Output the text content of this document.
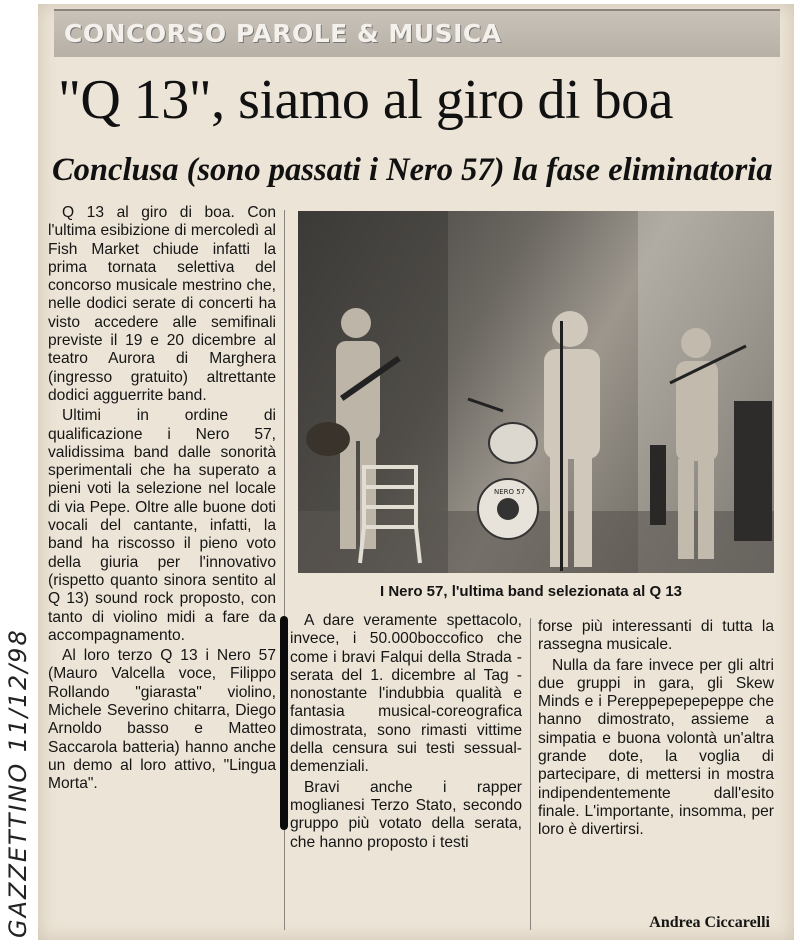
GAZZETTINO 11/12/98
CONCORSO PAROLE & MUSICA
"Q 13", siamo al giro di boa
Conclusa (sono passati i Nero 57) la fase eliminatoria

Q 13 al giro di boa. Con l'ultima esibizione di mercoledì al Fish Market chiude infatti la prima tornata selettiva del concorso musicale mestrino che, nelle dodici serate di concerti ha visto accedere alle semifinali previste il 19 e 20 dicembre al teatro Aurora di Marghera (ingresso gratuito) altrettante dodici agguerrite band.

Ultimi in ordine di qualificazione i Nero 57, validissima band dalle sonorità sperimentali che ha superato a pieni voti la selezione nel locale di via Pepe. Oltre alle buone doti vocali del cantante, infatti, la band ha riscosso il pieno voto della giuria per l'innovativo (rispetto quanto sinora sentito al Q 13) sound rock proposto, con tanto di violino midi a fare da accompagnamento.

Al loro terzo Q 13 i Nero 57 (Mauro Valcella voce, Filippo Rollando "giarasta" violino, Michele Severino chitarra, Diego Arnoldo basso e Matteo Saccarola batteria) hanno anche un demo al loro attivo, "Lingua Morta".

NERO 57
I Nero 57, l'ultima band selezionata al Q 13

A dare veramente spettacolo, invece, i 50.000boccofico che come i bravi Falqui della Strada - serata del 1. dicembre al Tag - nonostante l'indubbia qualità e fantasia musical-coreografica dimostrata, sono rimasti vittime della censura sui testi sessual-demenziali.

Bravi anche i rapper moglianesi Terzo Stato, secondo gruppo più votato della serata, che hanno proposto i testi

forse più interessanti di tutta la rassegna musicale.

Nulla da fare invece per gli altri due gruppi in gara, gli Skew Minds e i Pereppepepepeppe che hanno dimostrato, assieme a simpatia e buona volontà un'altra grande dote, la voglia di partecipare, di mettersi in mostra indipendentemente dall'esito finale. L'importante, insomma, per loro è divertirsi.

Andrea Ciccarelli
